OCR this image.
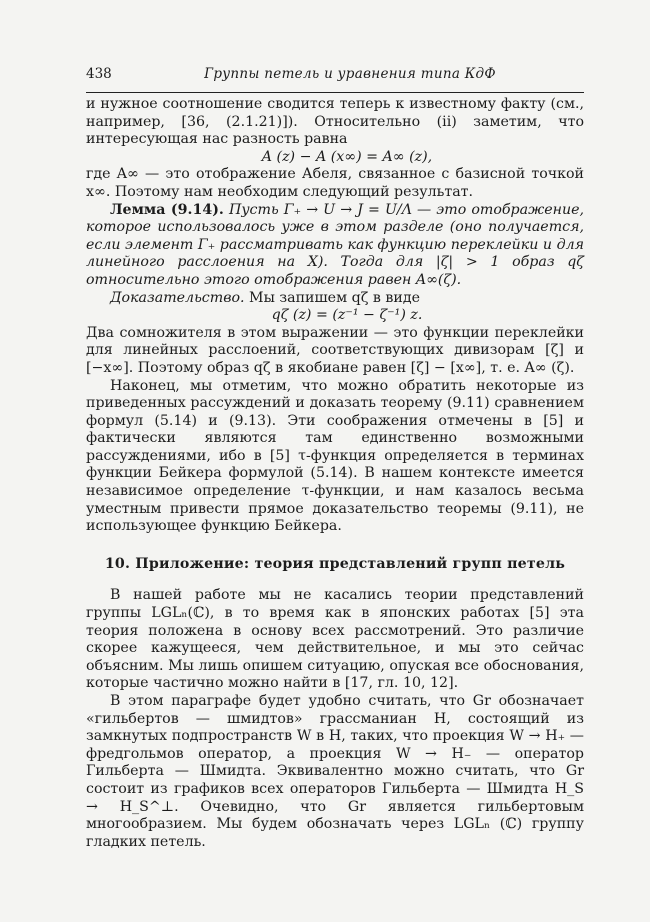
438	Группы петель и уравнения типа КдФ

и нужное соотношение сводится теперь к известному факту (см., например, [36, (2.1.21)]). Относительно (ii) заметим, что интересующая нас разность равна

A (z) − A (x∞) = A∞ (z),

где A∞ — это отображение Абеля, связанное с базисной точкой x∞. Поэтому нам необходим следующий результат.

Лемма (9.14). Пусть Γ₊ → U → J = U/Λ — это отображение, которое использовалось уже в этом разделе (оно получается, если элемент Γ₊ рассматривать как функцию переклейки и для линейного расслоения на X). Тогда для |ζ| > 1 образ qζ относительно этого отображения равен A∞(ζ).

Доказательство. Мы запишем qζ в виде

qζ (z) = (z⁻¹ − ζ⁻¹) z.

Два сомножителя в этом выражении — это функции переклейки для линейных расслоений, соответствующих дивизорам [ζ] и [−x∞]. Поэтому образ qζ в якобиане равен [ζ] − [x∞], т. е. A∞ (ζ).

Наконец, мы отметим, что можно обратить некоторые из приведенных рассуждений и доказать теорему (9.11) сравнением формул (5.14) и (9.13). Эти соображения отмечены в [5] и фактически являются там единственно возможными рассуждениями, ибо в [5] τ-функция определяется в терминах функции Бейкера формулой (5.14). В нашем контексте имеется независимое определение τ-функции, и нам казалось весьма уместным привести прямое доказательство теоремы (9.11), не использующее функцию Бейкера.

10. Приложение: теория представлений групп петель

В нашей работе мы не касались теории представлений группы LGLₙ(ℂ), в то время как в японских работах [5] эта теория положена в основу всех рассмотрений. Это различие скорее кажущееся, чем действительное, и мы это сейчас объясним. Мы лишь опишем ситуацию, опуская все обоснования, которые частично можно найти в [17, гл. 10, 12].

В этом параграфе будет удобно считать, что Gr обозначает «гильбертов — шмидтов» грассманиан H, состоящий из замкнутых подпространств W в H, таких, что проекция W → H₊ — фредгольмов оператор, а проекция W → H₋ — оператор Гильберта — Шмидта. Эквивалентно можно считать, что Gr состоит из графиков всех операторов Гильберта — Шмидта H_S → H_S^⊥. Очевидно, что Gr является гильбертовым многообразием. Мы будем обозначать через LGLₙ (ℂ) группу гладких петель.
